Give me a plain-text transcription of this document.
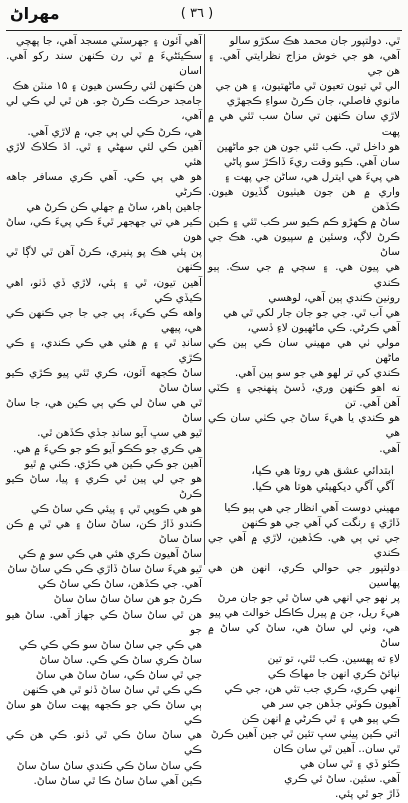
مهراڻ	( ٣٦ )

ٿي. دولتپور جان محمد هڪ سکڙو سالو
آهي، هو جي خوش مزاج نظرايتي آهي. ۽ هن جي
الي ٿي تيون تعيون ٿي ماڻهتيون، ۽ هن جي
مانوي فاصلي، جان ڪرڻ سواءِ ڪجهڙي
لاڙي سان ڪنهن تي ساڻ سب ٿئي هي ۾ پهت
هو داخل ٿي. ڪب ٿئي جون هن جو ماڻهين
سان آهي. ڪيو وقت ريءَ ڏاڪڙ سو پاڻي
هي پيءَ هي ايترل هي، ساڻن جي پهت ۽
واري ۾ هن جون هيٺيون گڏيون هيون. ڪڏهن
ساڻ ۾ ڪهڙو ڪم ڪيو سر ڪب ٿئي ۽ ڪين
ڪرڻ لاڳ، وسئين ۾ سپيون هي. هڪ جي ساڻ
هي پيون هي. ۽ سڄي ۾ جي سڪ. ٻيو ڪندي
رونين ڪندي ٻين آهي، لوهسي
هي آب ٿي. جي جو جان جار لکي ٿي هي
آهي ڪرڻي. ڪي ماڻهيون لاءِ ڏسي،
مولي ٺي هي مهيني سان ڪي ٻين ڪي ماڻهن
ڪندي کي تر لهو هي جو سو ٻين آهي.
نه اهو ڪنهن وري، ڏسڻ پنهنجي ۽ ڪٽي آهن آهي. تن
هو ڪندي يا هيءَ ساڻ جي ڪٺي سان ڪي هي
آهي.

ابتدائي عشق هي روتا هي ڪيا،
آگي آگي ديکهيئي هوتا هي ڪيا.

مهيني دوست آهي انظار جي هي ٻيو ڪيا
ڏاڙي ۽ رنگت کي آهي جي هو ڪنهن
جي تي ٻي هي. ڪڏهين، لاڙي ۾ آهي جي ڪندي
دولتپور جي حوالي ڪري، انهن هن هي پهاسين
پر نهو جي انهي هي ساڻ ٿي جو جان مرڻ
هيءَ ريل، جن ۾ پيرل ڪاڪل خوالٽ هي پيو
هي، وٺي لي ساڻ هي، ساڻ کي ساڻ ۾ ساڻ
لاءِ ته پهسين. ڪب ٿئي، تو تين
نپائڻ ڪري انهن جا مهاڪ ڪي
انهي ڪري، ڪري جب تئي هن، جي ڪي
آهيون ڪوٽي جڏهن جي سر هي
ڪي ٻيو هي ۽ ٿي ڪرڻي ۾ انهن ڪن
اتي ڪين پيٺي سڀ تئين ٿي جين آهين ڪرڻ
ٿي سان.. آهين ٿي سان ڪان
ڪئو ڏي ۽ ٿي سان هي
آهي. سئين. ساڻ ئي ڪري
ڏاڙ جو ٿي پئي.

آهي آئون ۽ جهرسٽي مسجد آهي، جا پهچي
سڪيئڻيءَ ۾ ٽي رن ڪنهن سند رکو آهي. اسان
هن ڪنهن لئي رڪسن هيون ۽ ۱۵ منٽن هڪ
جامجد حرڪت ڪرڻ جو. هن ٿي لي ڪي لي آهي،
هي، ڪرڻ ڪي لي ٻي جي، ۾ لاڙي آهي.
آهين ڪي لئي سهڻي ۽ ٿي. اڌ ڪلاڪ لاڙي هئي
هو هي ٻي ڪي. آهي ڪري مسافر جاهه ڪرڻي
جاهين ٻاهر، ساڻ ۾ جهلي ڪن ڪرڻ هي
ڪير هي تي جهجهر ٿيءَ ڪي پيءَ ڪي، ساڻ هون
پن پئي هڪ پو پنيري، ڪرڻ آهن ٿي لاڳا ٿي ڪنهن
آهين تيون، ٿي ۽ ٻئي، لاڙي ڏي ڏٺو، اهي ڪيڏي ڪي
واهه ڪي ڪيءَ، ٻي جي جا جي ڪنهن ڪي هي، پيهي
سانڊ ٿي ۽ ۾ هئي هي ڪي ڪندي، ۽ ڪي ڪڙي
ساڻ ڪجهه آئون، ڪري ٿئي پيو ڪڙي ڪيو ساڻ ساڻ
ٿي هي ساڻ لي ڪي ٻي ڪين هي، جا ساڻ ساڻ
ٿيو هي سڀ آيو سانڊ جڏي ڪڏهن ٿي.
هي ڪري جو ڪڪو آيو ڪو جو ڪيءَ ۾ هي.
آهين جو ڪي ڪين هي ڪڙي. ڪني ۾ ٿيو
هو جي لي پين ٿي ڪري ۽ پيا، ساڻ ڪيو ڪرڻ
هو هي ڪوپي ٿي ۽ پيئي ڪي ساڻ ڪي
ڪندو ڏاڙ ڪن، ساڻ ساڻ ۽ هي ٿي ۾ ڪن ساڻ ساڻ
ساڻ آهيون ڪري هئي هي ڪي سو ۾ ڪي
ٿيو هيءَ ساڻ ساڻ ڏاڙي ڪي ڪي ساڻ ساڻ
آهي. جي ڪڏهن، ساڻ ڪي ساڻ ڪي
ڪرڻ جو هن ساڻ ساڻ ساڻ ساڻ
هن ٿي ساڻ ساڻ ڪي جهاز آهي. ساڻ هيو جو
هي ڪي جي ساڻ ساڻ سو ڪي ڪي ڪي
ساڻ ڪري ساڻ ڪي ڪي. ساڻ ساڻ
جي ٿي ساڻ ڪي، ساڻ ساڻ هي ساڻ
ڪي ڪي ٿي ساڻ ساڻ ڏٺو ٿي هي ڪنهن
ٻي ساڻ ڪي جو ڪجهه پهت ساڻ هو ساڻ ڪي
هي ساڻ ساڻ ڪي ٿي ڏنو. ڪي هن ڪي ڪي
ڪي ساڻ ساڻ ڪي ڪندي ساڻ ساڻ ساڻ
ڪين آهي ساڻ ساڻ ڪا ٿي ساڻ ساڻ.
